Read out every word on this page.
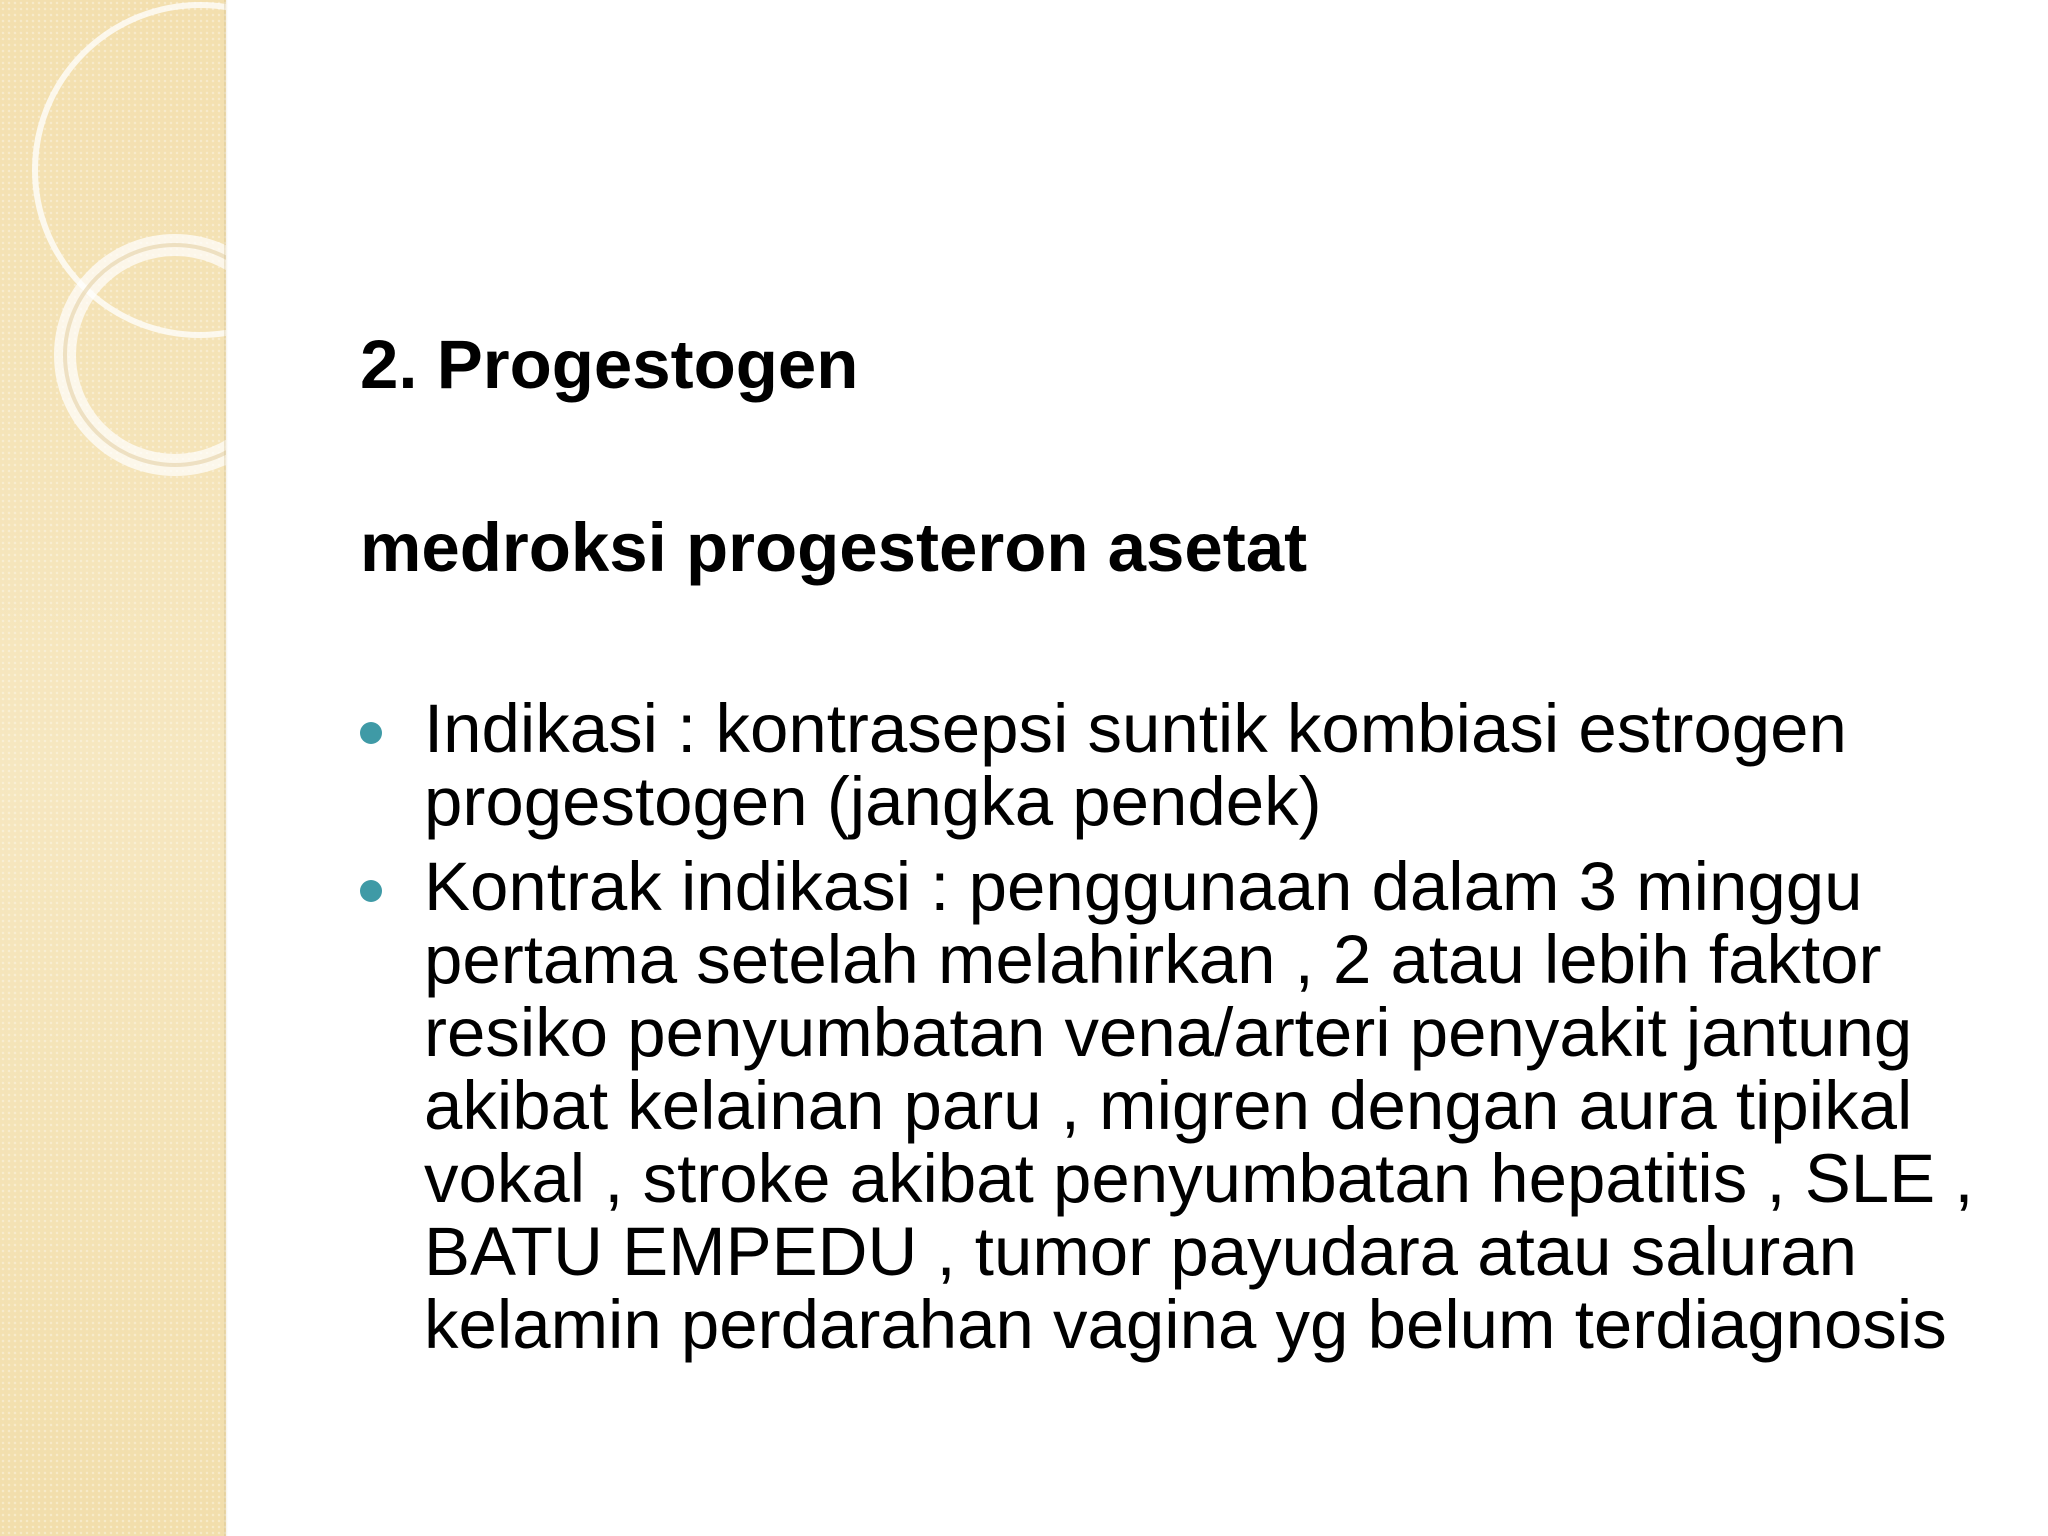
2. Progestogen
medroksi progesteron asetat
Indikasi : kontrasepsi suntik kombiasi estrogen progestogen (jangka pendek)
Kontrak indikasi : penggunaan dalam 3 minggu pertama setelah melahirkan , 2 atau lebih faktor resiko penyumbatan vena/arteri penyakit jantung akibat kelainan paru , migren dengan aura tipikal vokal , stroke akibat penyumbatan hepatitis , SLE , BATU EMPEDU , tumor payudara atau saluran kelamin perdarahan vagina yg belum terdiagnosis
